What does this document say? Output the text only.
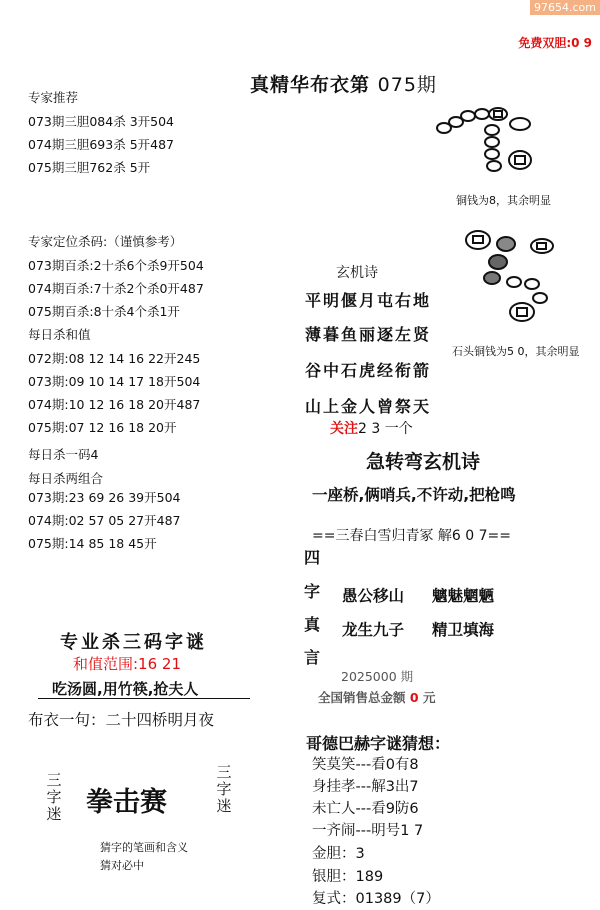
97654.com
免费双胆:0 9
真精华布衣第 075期
专家推荐
073期三胆084杀 3开504
074期三胆693杀 5开487
075期三胆762杀 5开
专家定位杀码:（谨慎参考）
073期百杀:2十杀6个杀9开504
074期百杀:7十杀2个杀0开487
075期百杀:8十杀4个杀1开
每日杀和值
072期:08 12 14 16 22开245
073期:09 10 14 17 18开504
074期:10 12 16 18 20开487
075期:07 12 16 18 20开
每日杀一码4
每日杀两组合
073期:23 69 26 39开504
074期:02 57 05 27开487
075期:14 85 18 45开
铜钱为8，其余明显
石头铜钱为5 0，其余明显
玄机诗
平明偃月屯右地
薄暮鱼丽逐左贤
谷中石虎经衔箭
山上金人曾祭天
关注2 3 一个
急转弯玄机诗
一座桥,俩哨兵,不许动,把枪鸣
==三春白雪归青冢 解6 0 7==
四
字
真
言
愚公移山 魑魅魍魉
龙生九子 精卫填海
2025000 期
全国销售总金额 0 元
专业杀三码字谜
和值范围:16 21
吃汤圆,用竹筷,抢夫人
布衣一句：二十四桥明月夜
三字迷 拳击赛
三字迷
猜字的笔画和含义
猜对必中
哥德巴赫字谜猜想：
笑莫笑---看0有8
身挂孝---解3出7
未亡人---看9防6
一齐闹---明号1 7
金胆：3
银胆：189
复式：01389（7）
